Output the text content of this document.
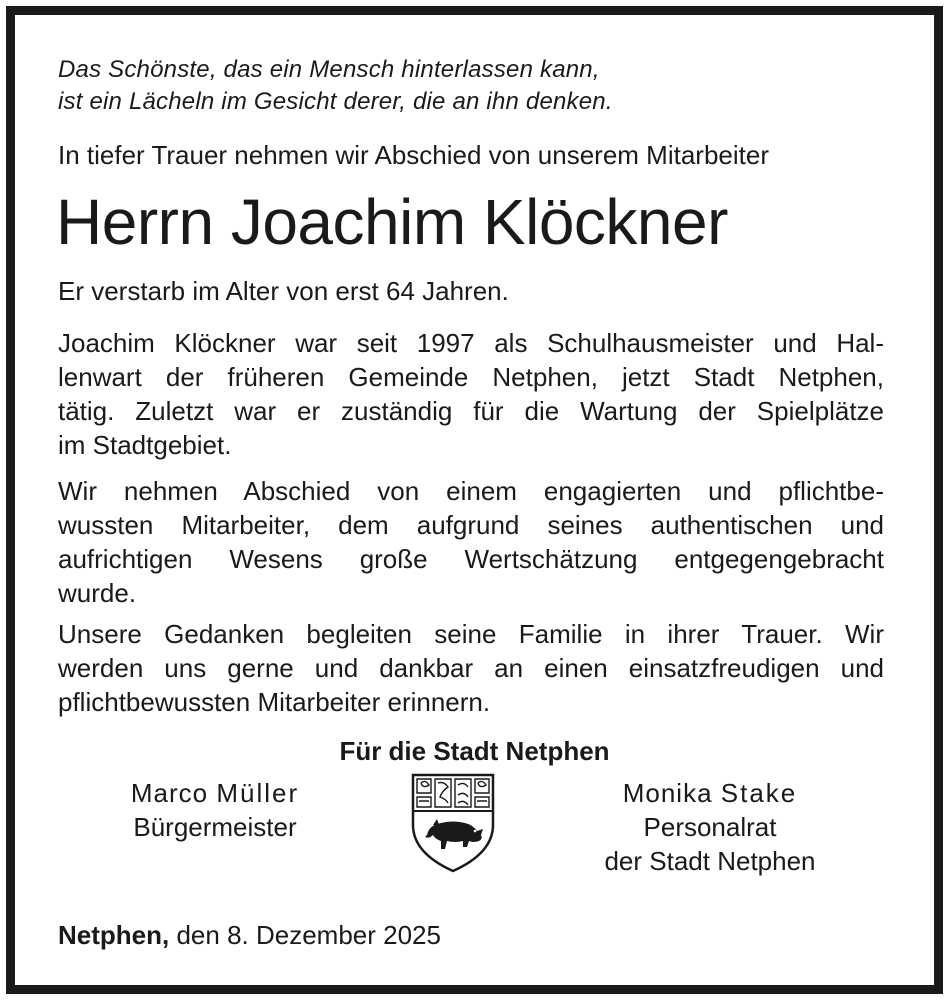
Das Schönste, das ein Mensch hinterlassen kann,
ist ein Lächeln im Gesicht derer, die an ihn denken.
In tiefer Trauer nehmen wir Abschied von unserem Mitarbeiter
Herrn Joachim Klöckner
Er verstarb im Alter von erst 64 Jahren.
Joachim Klöckner war seit 1997 als Schulhausmeister und Hal-
lenwart der früheren Gemeinde Netphen, jetzt Stadt Netphen,
tätig. Zuletzt war er zuständig für die Wartung der Spielplätze
im Stadtgebiet.
Wir nehmen Abschied von einem engagierten und pflichtbe-
wussten Mitarbeiter, dem aufgrund seines authentischen und
aufrichtigen Wesens große Wertschätzung entgegengebracht
wurde.
Unsere Gedanken begleiten seine Familie in ihrer Trauer. Wir
werden uns gerne und dankbar an einen einsatzfreudigen und
pflichtbewussten Mitarbeiter erinnern.
Für die Stadt Netphen
Marco Müller
Bürgermeister
Monika Stake
Personalrat
der Stadt Netphen
Netphen, den 8. Dezember 2025
